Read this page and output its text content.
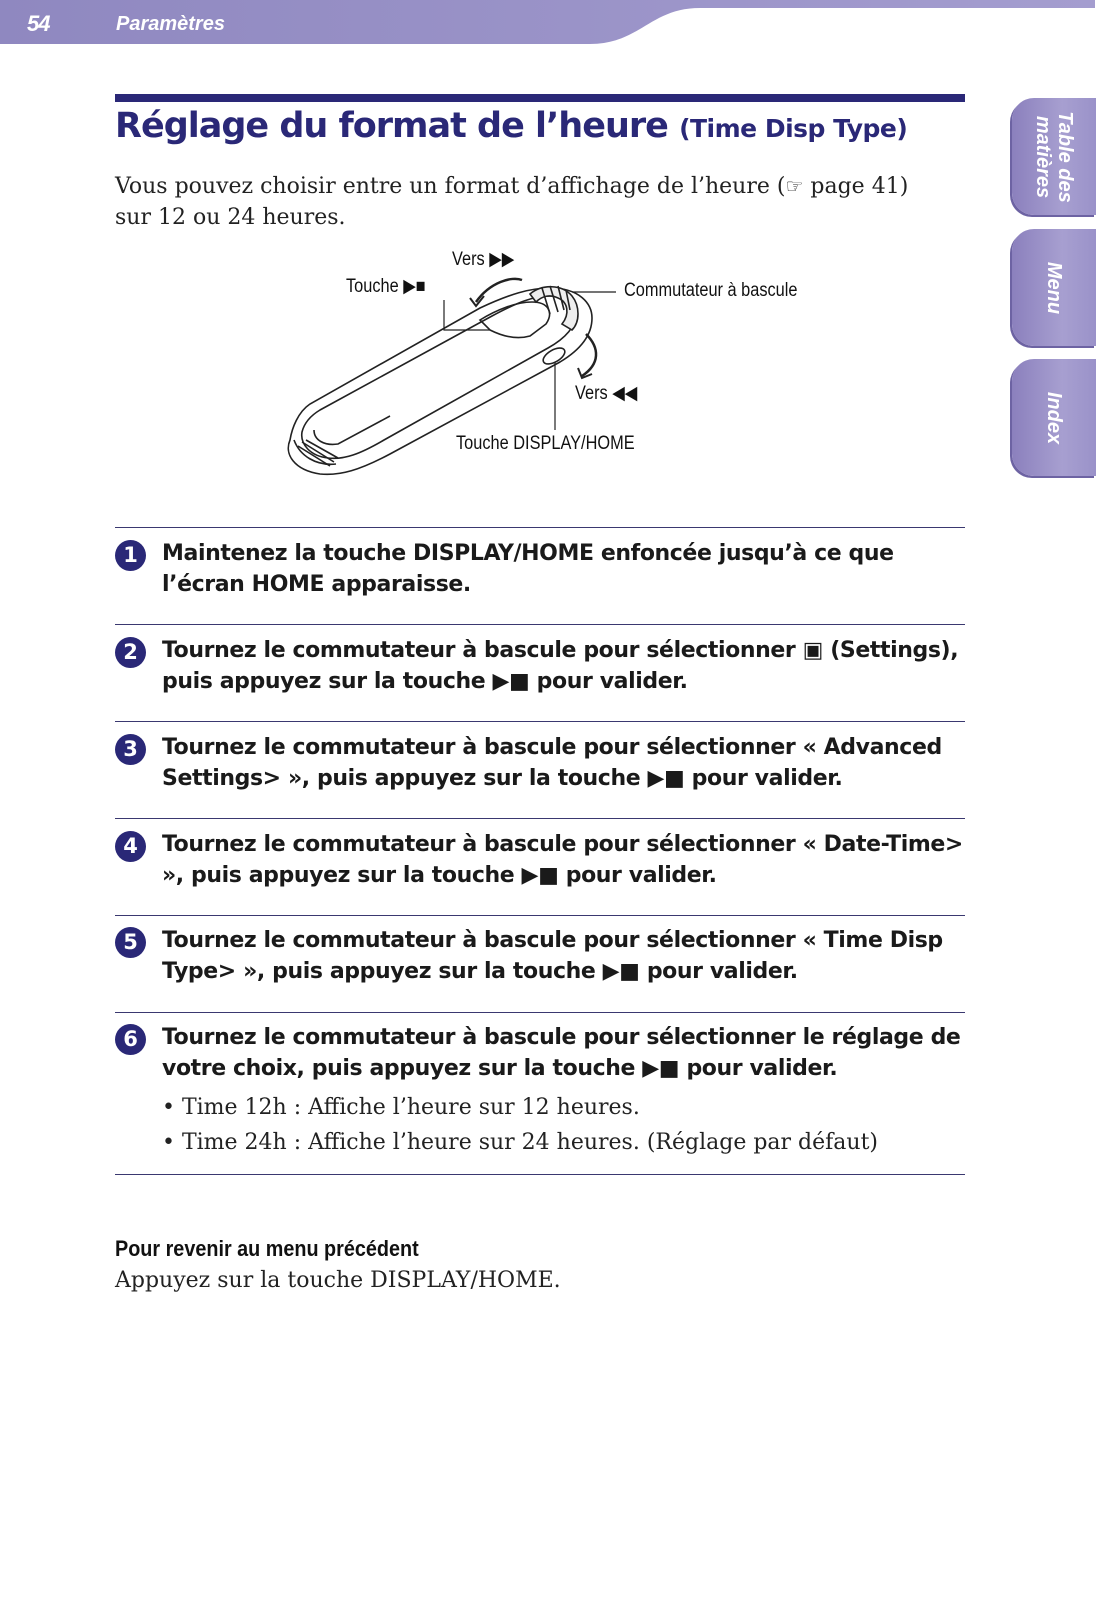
54	Paramètres
Table des
matières
Menu
Index
Réglage du format de l’heure (Time Disp Type)
Vous pouvez choisir entre un format d’affichage de l’heure (☞ page 41) sur 12 ou 24 heures.
Vers ▶▶
Touche ▶■	Commutateur à bascule
Vers ◀◀
Touche DISPLAY/HOME
1	Maintenez la touche DISPLAY/HOME enfoncée jusqu’à ce que l’écran HOME apparaisse.
2	Tournez le commutateur à bascule pour sélectionner ▣ (Settings), puis appuyez sur la touche ▶■ pour valider.
3	Tournez le commutateur à bascule pour sélectionner « Advanced Settings> », puis appuyez sur la touche ▶■ pour valider.
4	Tournez le commutateur à bascule pour sélectionner « Date-Time> », puis appuyez sur la touche ▶■ pour valider.
5	Tournez le commutateur à bascule pour sélectionner « Time Disp Type> », puis appuyez sur la touche ▶■ pour valider.
6	Tournez le commutateur à bascule pour sélectionner le réglage de votre choix, puis appuyez sur la touche ▶■ pour valider.
• Time 12h : Affiche l’heure sur 12 heures.
• Time 24h : Affiche l’heure sur 24 heures. (Réglage par défaut)
Pour revenir au menu précédent
Appuyez sur la touche DISPLAY/HOME.
